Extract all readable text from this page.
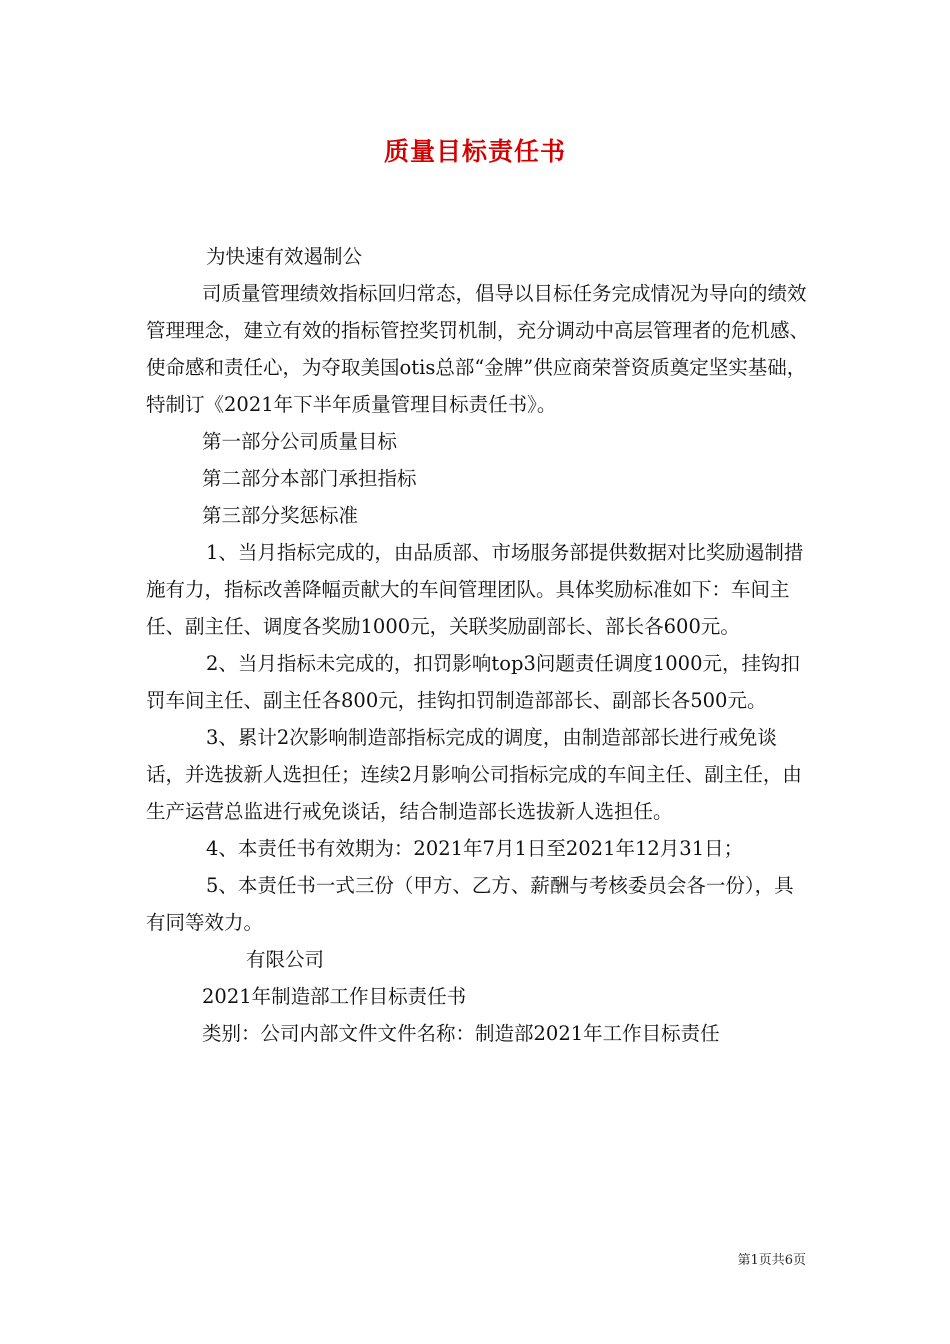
质量目标责任书

为快速有效遏制公

司质量管理绩效指标回归常态，倡导以目标任务完成情况为导向的绩效管理理念，建立有效的指标管控奖罚机制，充分调动中高层管理者的危机感、使命感和责任心，为夺取美国otis总部“金牌”供应商荣誉资质奠定坚实基础，特制订《2021年下半年质量管理目标责任书》。

第一部分公司质量目标

第二部分本部门承担指标

第三部分奖惩标准

1、当月指标完成的，由品质部、市场服务部提供数据对比奖励遏制措施有力，指标改善降幅贡献大的车间管理团队。具体奖励标准如下：车间主任、副主任、调度各奖励1000元，关联奖励副部长、部长各600元。

2、当月指标未完成的，扣罚影响top3问题责任调度1000元，挂钩扣罚车间主任、副主任各800元，挂钩扣罚制造部部长、副部长各500元。

3、累计2次影响制造部指标完成的调度，由制造部部长进行戒免谈话，并选拔新人选担任；连续2月影响公司指标完成的车间主任、副主任，由生产运营总监进行戒免谈话，结合制造部长选拔新人选担任。

4、本责任书有效期为：2021年7月1日至2021年12月31日；

5、本责任书一式三份（甲方、乙方、薪酬与考核委员会各一份），具有同等效力。

有限公司

2021年制造部工作目标责任书

类别：公司内部文件文件名称：制造部2021年工作目标责任

第1页共6页
